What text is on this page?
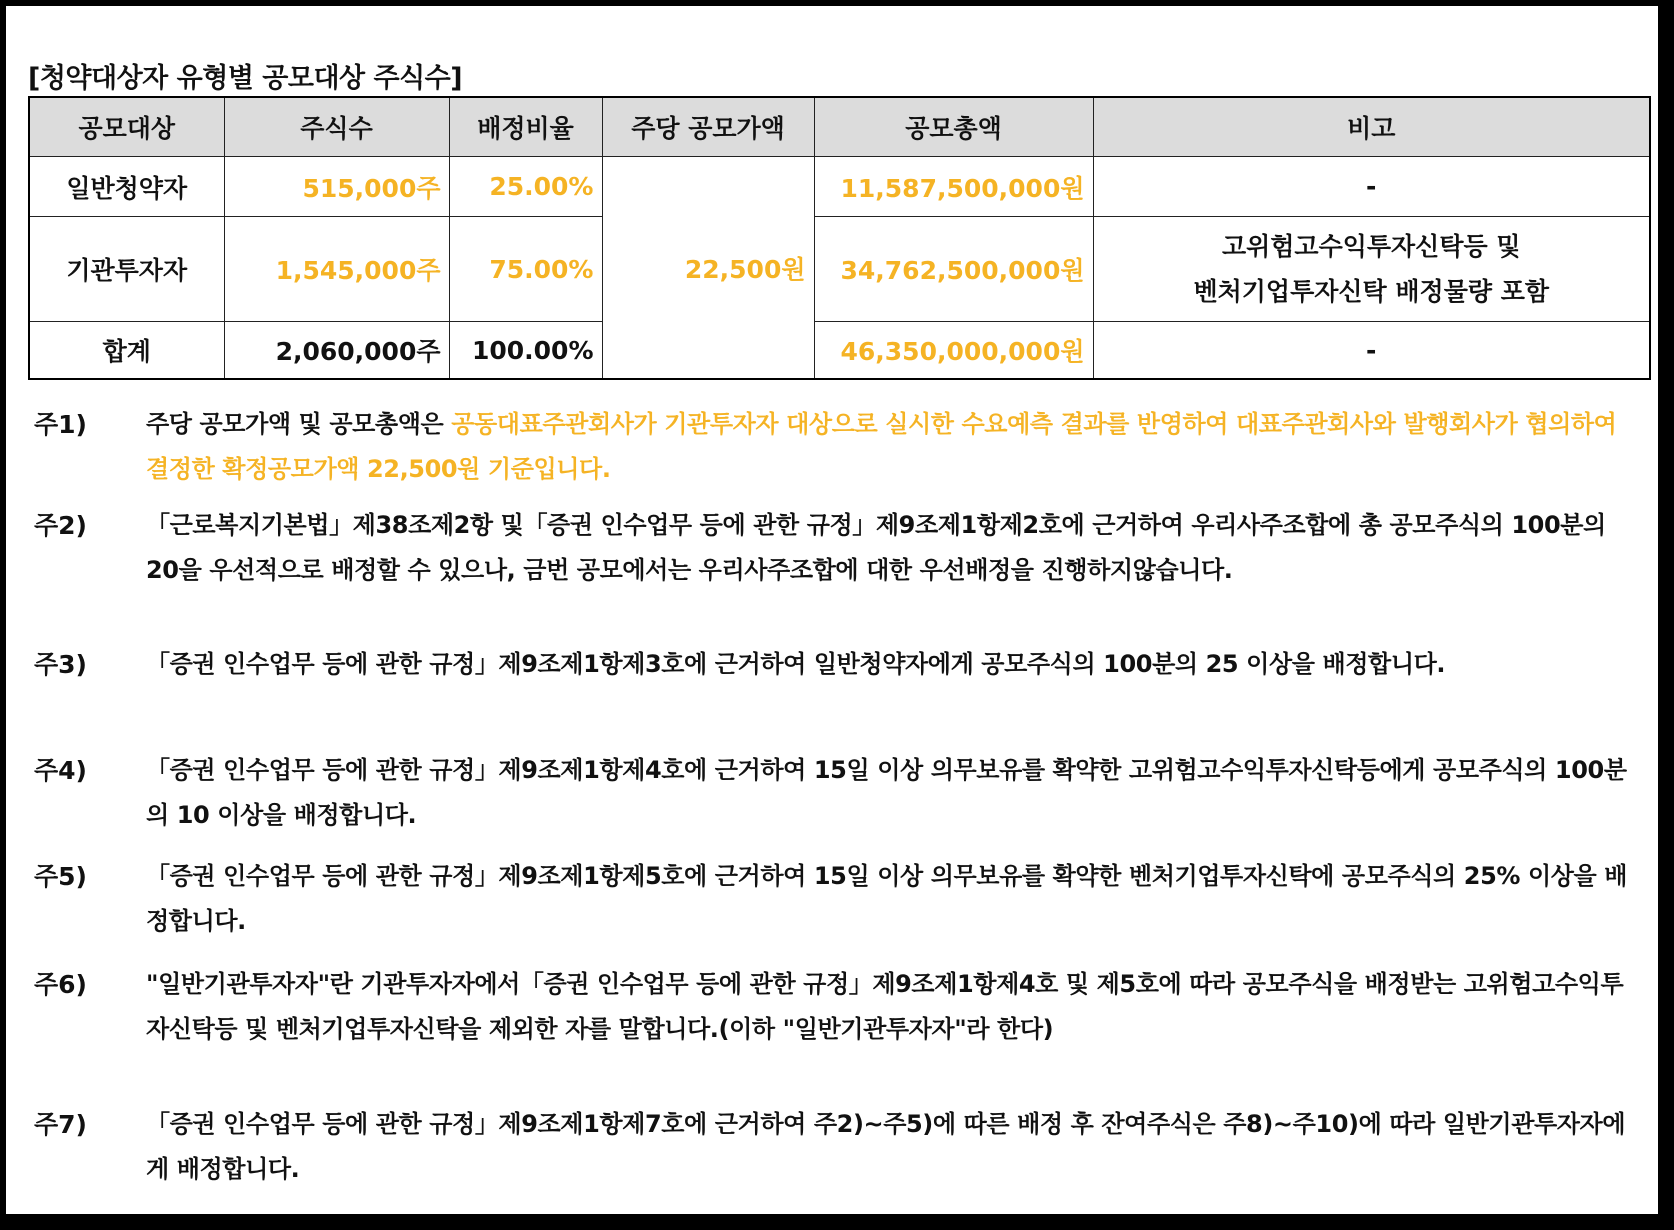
[청약대상자 유형별 공모대상 주식수]
공모대상	주식수	배정비율	주당 공모가액	공모총액	비고
일반청약자	515,000주	25.00%	22,500원	11,587,500,000원	-
기관투자자	1,545,000주	75.00%		34,762,500,000원	고위험고수익투자신탁등 및
벤처기업투자신탁 배정물량 포함

합계	2,060,000주	100.00%		46,350,000,000원	-
주1)	주당 공모가액 및 공모총액은 공동대표주관회사가 기관투자자 대상으로 실시한 수요예측 결과를 반영하여 대표주관회사와 발행회사가 협의하여 결정한 확정공모가액 22,500원 기준입니다.
주2)	「근로복지기본법」제38조제2항 및「증권 인수업무 등에 관한 규정」제9조제1항제2호에 근거하여 우리사주조합에 총 공모주식의 100분의 20을 우선적으로 배정할 수 있으나, 금번 공모에서는 우리사주조합에 대한 우선배정을 진행하지않습니다.
주3)	「증권 인수업무 등에 관한 규정」제9조제1항제3호에 근거하여 일반청약자에게 공모주식의 100분의 25 이상을 배정합니다.
주4)	「증권 인수업무 등에 관한 규정」제9조제1항제4호에 근거하여 15일 이상 의무보유를 확약한 고위험고수익투자신탁등에게 공모주식의 100분의 10 이상을 배정합니다.
주5)	「증권 인수업무 등에 관한 규정」제9조제1항제5호에 근거하여 15일 이상 의무보유를 확약한 벤처기업투자신탁에 공모주식의 25% 이상을 배정합니다.
주6)	"일반기관투자자"란 기관투자자에서「증권 인수업무 등에 관한 규정」제9조제1항제4호 및 제5호에 따라 공모주식을 배정받는 고위험고수익투자신탁등 및 벤처기업투자신탁을 제외한 자를 말합니다.(이하 "일반기관투자자"라 한다)
주7)	「증권 인수업무 등에 관한 규정」제9조제1항제7호에 근거하여 주2)~주5)에 따른 배정 후 잔여주식은 주8)~주10)에 따라 일반기관투자자에게 배정합니다.
